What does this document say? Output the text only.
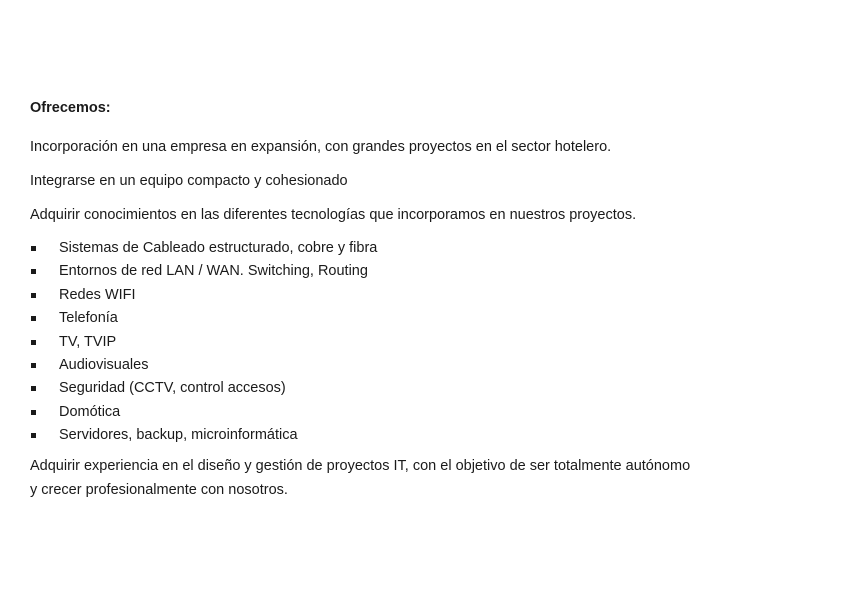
Ofrecemos:

Incorporación en una empresa en expansión, con grandes proyectos en el sector hotelero.

Integrarse en un equipo compacto y cohesionado

Adquirir conocimientos en las diferentes tecnologías que incorporamos en nuestros proyectos.

Sistemas de Cableado estructurado, cobre y fibra
Entornos de red LAN / WAN. Switching, Routing
Redes WIFI
Telefonía
TV, TVIP
Audiovisuales
Seguridad (CCTV, control accesos)
Domótica
Servidores, backup, microinformática

Adquirir experiencia en el diseño y gestión de proyectos IT, con el objetivo de ser totalmente autónomo
y crecer profesionalmente con nosotros.
